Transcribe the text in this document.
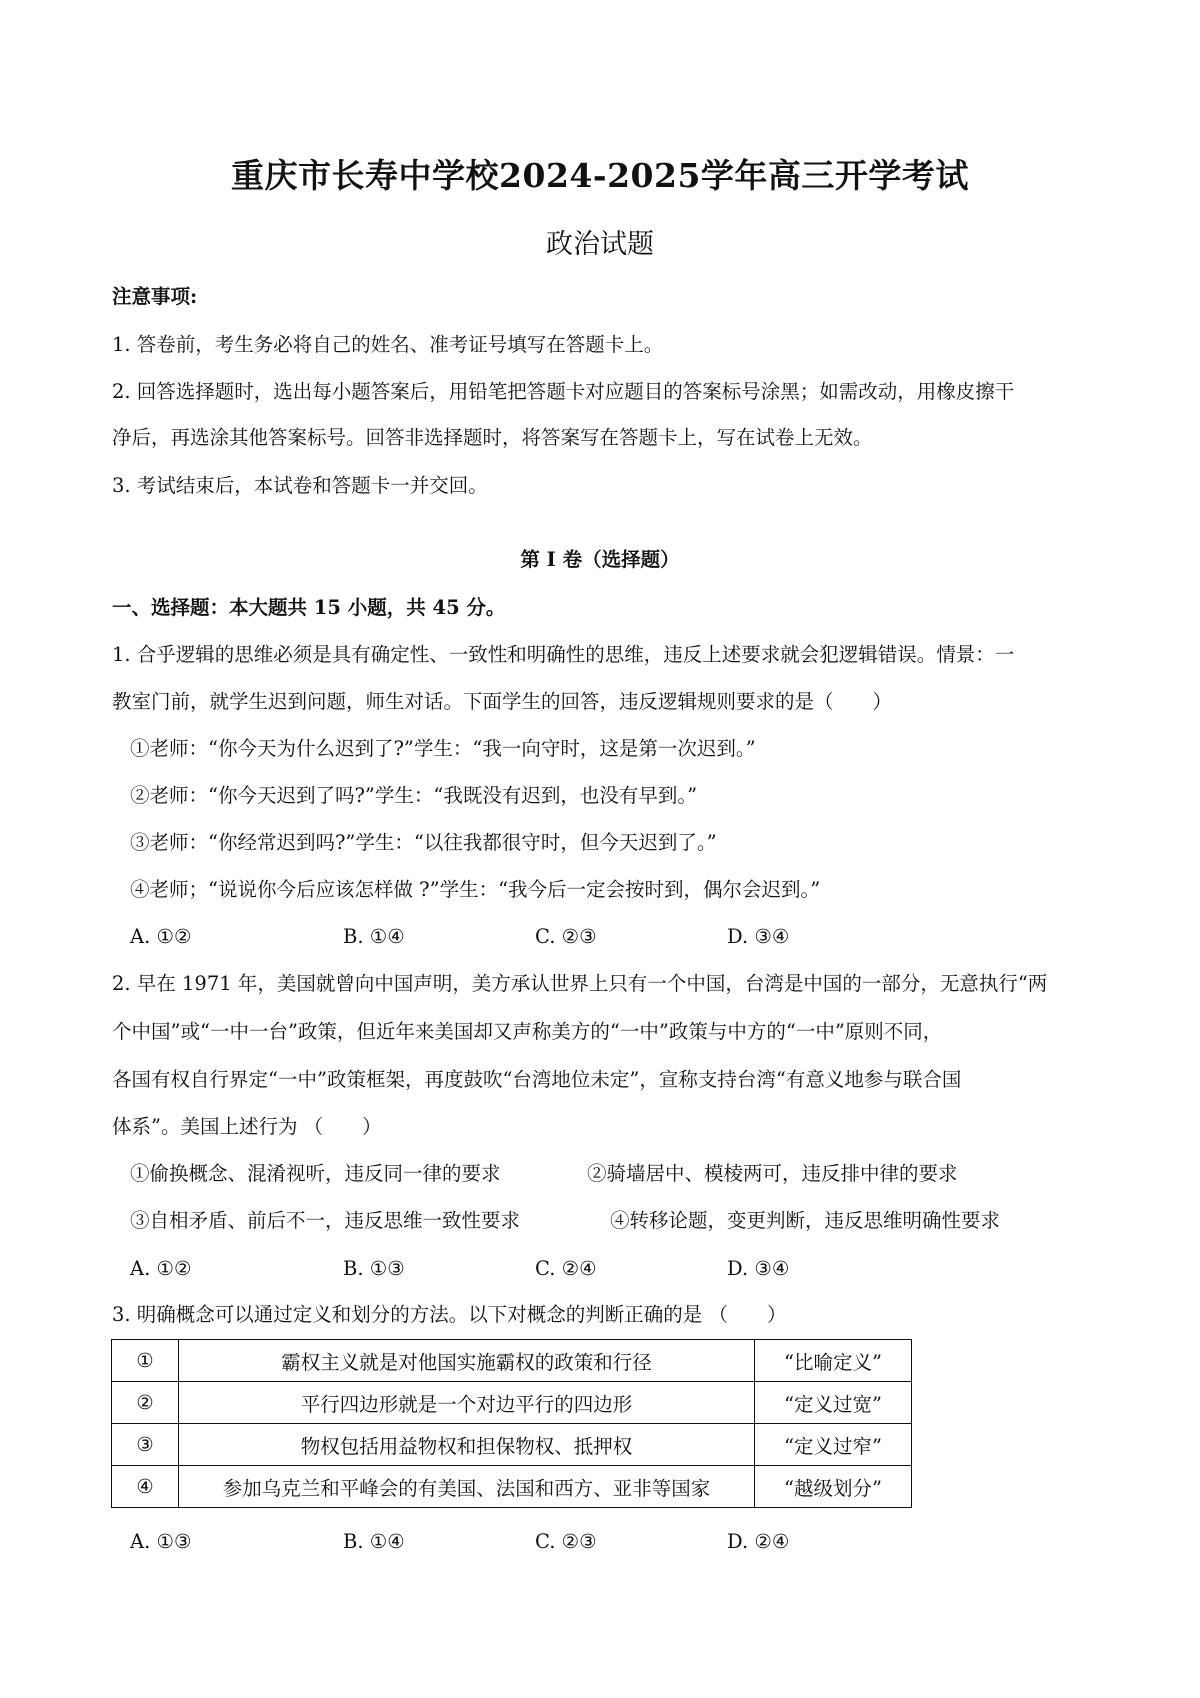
重庆市长寿中学校2024-2025学年高三开学考试
政治试题
注意事项:
1. 答卷前，考生务必将自己的姓名、准考证号填写在答题卡上。
2. 回答选择题时，选出每小题答案后，用铅笔把答题卡对应题目的答案标号涂黑；如需改动，用橡皮擦干
净后，再选涂其他答案标号。回答非选择题时，将答案写在答题卡上，写在试卷上无效。
3. 考试结束后，本试卷和答题卡一并交回。
第 I 卷（选择题）
一、选择题：本大题共 15 小题，共 45 分。
1. 合乎逻辑的思维必须是具有确定性、一致性和明确性的思维，违反上述要求就会犯逻辑错误。情景：一
教室门前，就学生迟到问题，师生对话。下面学生的回答，违反逻辑规则要求的是（　　）
①老师：“你今天为什么迟到了?”学生：“我一向守时，这是第一次迟到。”
②老师：“你今天迟到了吗?”学生：“我既没有迟到，也没有早到。”
③老师：“你经常迟到吗?”学生：“以往我都很守时，但今天迟到了。”
④老师；“说说你今后应该怎样做 ?”学生：“我今后一定会按时到，偶尔会迟到。”
A. ①②	B. ①④	C. ②③	D. ③④
2. 早在 1971 年，美国就曾向中国声明，美方承认世界上只有一个中国，台湾是中国的一部分，无意执行“两
个中国”或“一中一台”政策，但近年来美国却又声称美方的“一中”政策与中方的“一中”原则不同，
各国有权自行界定“一中”政策框架，再度鼓吹“台湾地位未定”，宣称支持台湾“有意义地参与联合国
体系”。美国上述行为 （　　）
①偷换概念、混淆视听，违反同一律的要求	②骑墙居中、模棱两可，违反排中律的要求
③自相矛盾、前后不一，违反思维一致性要求	④转移论题，变更判断，违反思维明确性要求
A. ①②	B. ①③	C. ②④	D. ③④
3. 明确概念可以通过定义和划分的方法。以下对概念的判断正确的是 （　　）
①	霸权主义就是对他国实施霸权的政策和行径	“比喻定义”
②	平行四边形就是一个对边平行的四边形	“定义过宽”
③	物权包括用益物权和担保物权、抵押权	“定义过窄”
④	参加乌克兰和平峰会的有美国、法国和西方、亚非等国家	“越级划分”
A. ①③	B. ①④	C. ②③	D. ②④
